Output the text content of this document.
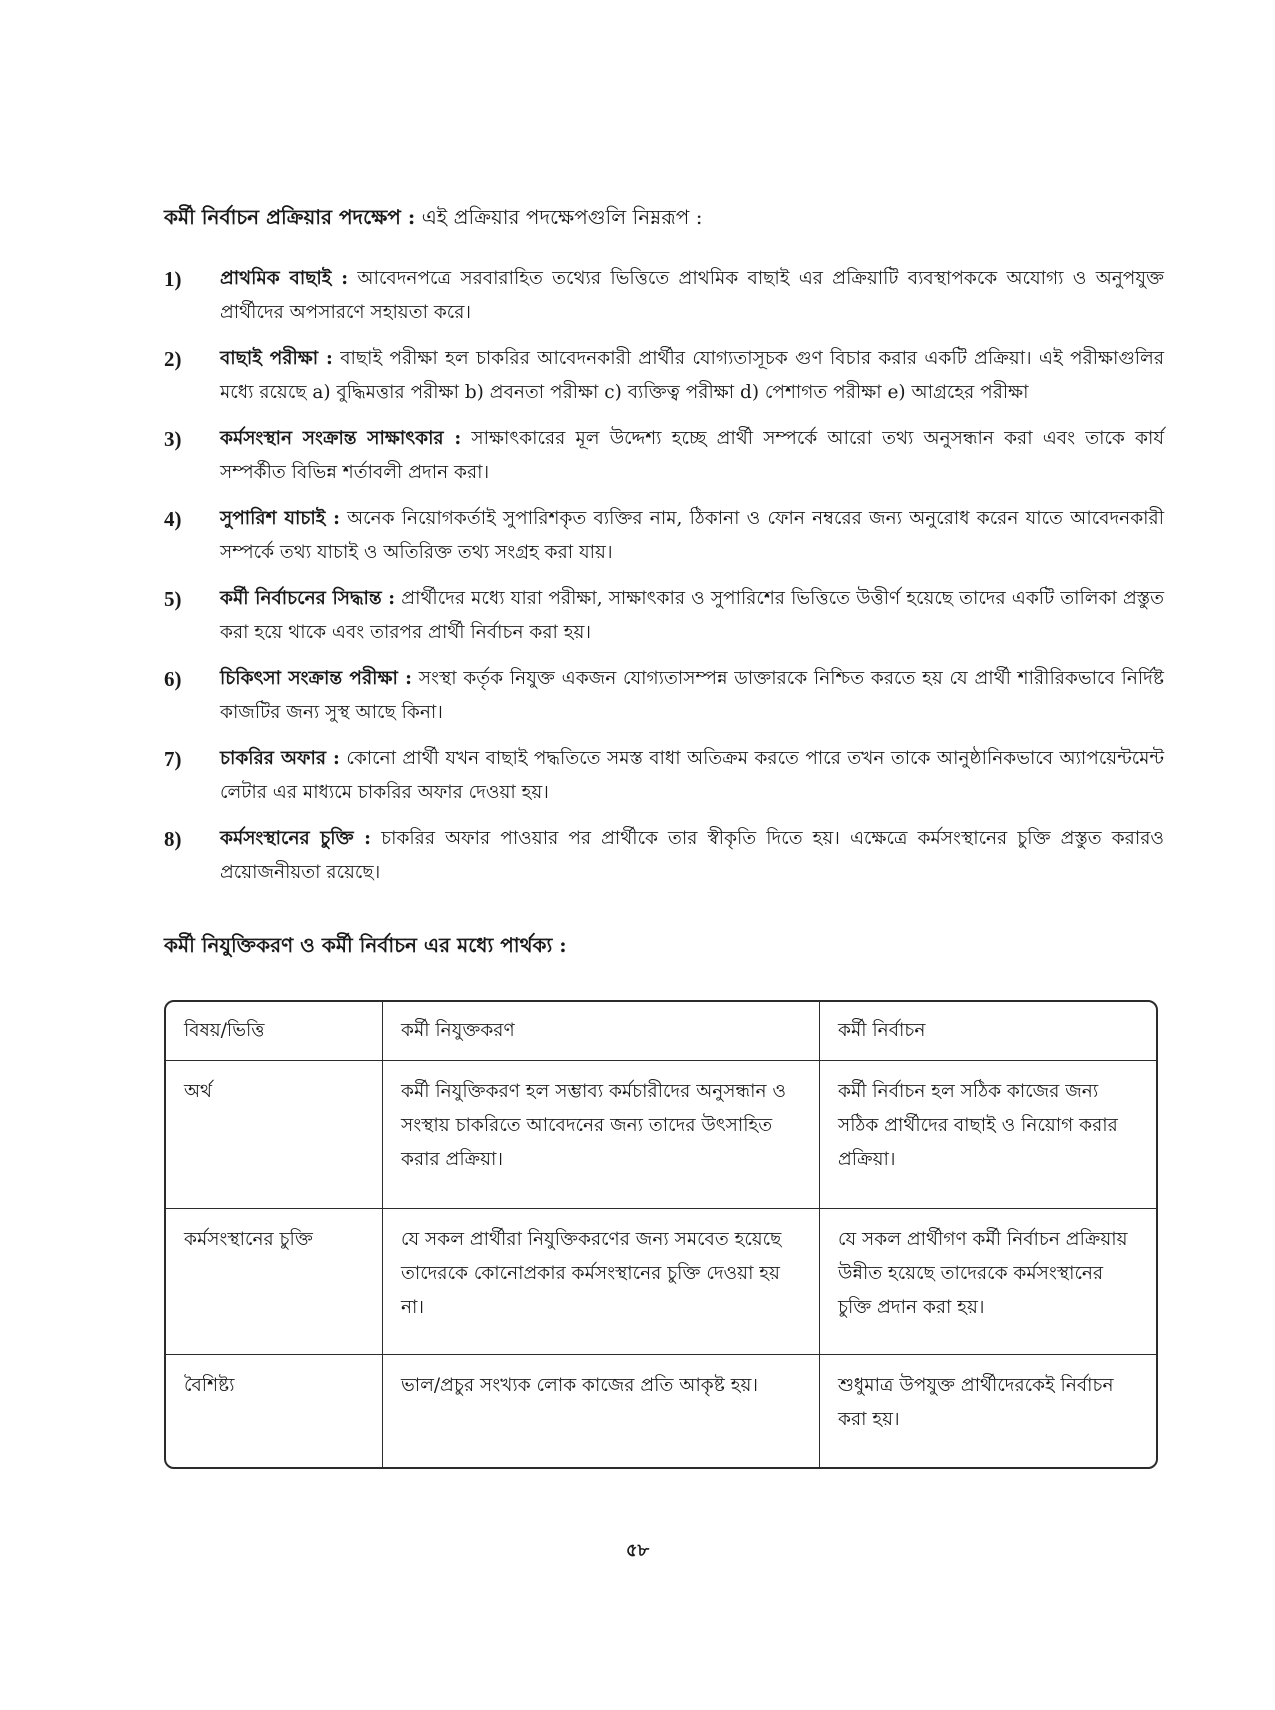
কর্মী নির্বাচন প্রক্রিয়ার পদক্ষেপ : এই প্রক্রিয়ার পদক্ষেপগুলি নিম্নরূপ :
1)	প্রাথমিক বাছাই : আবেদনপত্রে সরবারাহিত তথ্যের ভিত্তিতে প্রাথমিক বাছাই এর প্রক্রিয়াটি ব্যবস্থাপককে অযোগ্য ও অনুপযুক্ত প্রার্থীদের অপসারণে সহায়তা করে।
2)	বাছাই পরীক্ষা : বাছাই পরীক্ষা হল চাকরির আবেদনকারী প্রার্থীর যোগ্যতাসূচক গুণ বিচার করার একটি প্রক্রিয়া। এই পরীক্ষাগুলির মধ্যে রয়েছে a) বুদ্ধিমত্তার পরীক্ষা b) প্রবনতা পরীক্ষা c) ব্যক্তিত্ব পরীক্ষা d) পেশাগত পরীক্ষা e) আগ্রহের পরীক্ষা
3)	কর্মসংস্থান সংক্রান্ত সাক্ষাৎকার : সাক্ষাৎকারের মূল উদ্দেশ্য হচ্ছে প্রার্থী সম্পর্কে আরো তথ্য অনুসন্ধান করা এবং তাকে কার্য সম্পর্কীত বিভিন্ন শর্তাবলী প্রদান করা।
4)	সুপারিশ যাচাই : অনেক নিয়োগকর্তাই সুপারিশকৃত ব্যক্তির নাম, ঠিকানা ও ফোন নম্বরের জন্য অনুরোধ করেন যাতে আবেদনকারী সম্পর্কে তথ্য যাচাই ও অতিরিক্ত তথ্য সংগ্রহ করা যায়।
5)	কর্মী নির্বাচনের সিদ্ধান্ত : প্রার্থীদের মধ্যে যারা পরীক্ষা, সাক্ষাৎকার ও সুপারিশের ভিত্তিতে উত্তীর্ণ হয়েছে তাদের একটি তালিকা প্রস্তুত করা হয়ে থাকে এবং তারপর প্রার্থী নির্বাচন করা হয়।
6)	চিকিৎসা সংক্রান্ত পরীক্ষা : সংস্থা কর্তৃক নিযুক্ত একজন যোগ্যতাসম্পন্ন ডাক্তারকে নিশ্চিত করতে হয় যে প্রার্থী শারীরিকভাবে নির্দিষ্ট কাজটির জন্য সুস্থ আছে কিনা।
7)	চাকরির অফার : কোনো প্রার্থী যখন বাছাই পদ্ধতিতে সমস্ত বাধা অতিক্রম করতে পারে তখন তাকে আনুষ্ঠানিকভাবে অ্যাপয়েন্টমেন্ট লেটার এর মাধ্যমে চাকরির অফার দেওয়া হয়।
8)	কর্মসংস্থানের চুক্তি : চাকরির অফার পাওয়ার পর প্রার্থীকে তার স্বীকৃতি দিতে হয়। এক্ষেত্রে কর্মসংস্থানের চুক্তি প্রস্তুত করারও প্রয়োজনীয়তা রয়েছে।
কর্মী নিযুক্তিকরণ ও কর্মী নির্বাচন এর মধ্যে পার্থক্য :
বিষয়/ভিত্তি	কর্মী নিযুক্তকরণ	কর্মী নির্বাচন
অর্থ	কর্মী নিযুক্তিকরণ হল সম্ভাব্য কর্মচারীদের অনুসন্ধান ও সংস্থায় চাকরিতে আবেদনের জন্য তাদের উৎসাহিত করার প্রক্রিয়া।	কর্মী নির্বাচন হল সঠিক কাজের জন্য সঠিক প্রার্থীদের বাছাই ও নিয়োগ করার প্রক্রিয়া।
কর্মসংস্থানের চুক্তি	যে সকল প্রার্থীরা নিযুক্তিকরণের জন্য সমবেত হয়েছে তাদেরকে কোনোপ্রকার কর্মসংস্থানের চুক্তি দেওয়া হয় না।	যে সকল প্রার্থীগণ কর্মী নির্বাচন প্রক্রিয়ায় উন্নীত হয়েছে তাদেরকে কর্মসংস্থানের চুক্তি প্রদান করা হয়।
বৈশিষ্ট্য	ভাল/প্রচুর সংখ্যক লোক কাজের প্রতি আকৃষ্ট হয়।	শুধুমাত্র উপযুক্ত প্রার্থীদেরকেই নির্বাচন করা হয়।
৫৮
